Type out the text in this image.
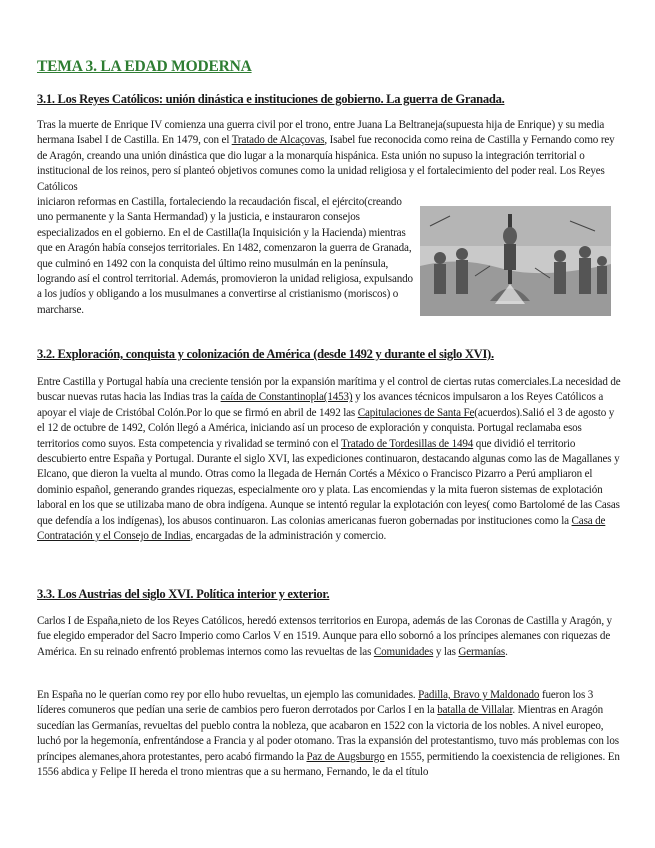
TEMA 3. LA EDAD MODERNA
3.1. Los Reyes Católicos: unión dinástica e instituciones de gobierno. La guerra de Granada.

Tras la muerte de Enrique IV comienza una guerra civil por el trono, entre Juana La Beltraneja(supuesta hija de Enrique) y su media hermana Isabel I de Castilla. En 1479, con el Tratado de Alcaçovas, Isabel fue reconocida como reina de Castilla y Fernando como rey de Aragón, creando una unión dinástica que dio lugar a la monarquía hispánica. Esta unión no supuso la integración territorial o institucional de los reinos, pero sí planteó objetivos comunes como la unidad religiosa y el fortalecimiento del poder real. Los Reyes Católicos

iniciaron reformas en Castilla, fortaleciendo la recaudación fiscal, el ejército(creando uno permanente y la Santa Hermandad) y la justicia, e instauraron consejos especializados en el gobierno. En el de Castilla(la Inquisición y la Hacienda) mientras que en Aragón había consejos territoriales. En 1482, comenzaron la guerra de Granada, que culminó en 1492 con la conquista del último reino musulmán en la península, logrando así el control territorial. Además, promovieron la unidad religiosa, expulsando a los judíos y obligando a los musulmanes a convertirse al cristianismo (moriscos) o marcharse.

3.2. Exploración, conquista y colonización de América (desde 1492 y durante el siglo XVI).

Entre Castilla y Portugal había una creciente tensión por la expansión marítima y el control de ciertas rutas comerciales.La necesidad de buscar nuevas rutas hacia las Indias tras la caída de Constantinopla(1453) y los avances técnicos impulsaron a los Reyes Católicos a apoyar el viaje de Cristóbal Colón.Por lo que se firmó en abril de 1492 las Capitulaciones de Santa Fe(acuerdos).Salió el 3 de agosto y el 12 de octubre de 1492, Colón llegó a América, iniciando así un proceso de exploración y conquista. Portugal reclamaba esos territorios como suyos. Esta competencia y rivalidad se terminó con el Tratado de Tordesillas de 1494 que dividió el territorio descubierto entre España y Portugal. Durante el siglo XVI, las expediciones continuaron, destacando algunas como las de Magallanes y Elcano, que dieron la vuelta al mundo. Otras como la llegada de Hernán Cortés a México o Francisco Pizarro a Perú ampliaron el dominio español, generando grandes riquezas, especialmente oro y plata. Las encomiendas y la mita fueron sistemas de explotación laboral en los que se utilizaba mano de obra indígena. Aunque se intentó regular la explotación con leyes( como Bartolomé de las Casas que defendía a los indígenas), los abusos continuaron. Las colonias americanas fueron gobernadas por instituciones como la Casa de Contratación y el Consejo de Indias, encargadas de la administración y comercio.

3.3. Los Austrias del siglo XVI. Política interior y exterior.

Carlos I de España,nieto de los Reyes Católicos, heredó extensos territorios en Europa, además de las Coronas de Castilla y Aragón, y fue elegido emperador del Sacro Imperio como Carlos V en 1519. Aunque para ello sobornó a los príncipes alemanes con riquezas de América. En su reinado enfrentó problemas internos como las revueltas de las Comunidades y las Germanías.

En España no le querían como rey por ello hubo revueltas, un ejemplo las comunidades. Padilla, Bravo y Maldonado fueron los 3 líderes comuneros que pedían una serie de cambios pero fueron derrotados por Carlos I en la batalla de Villalar. Mientras en Aragón sucedían las Germanías, revueltas del pueblo contra la nobleza, que acabaron en 1522 con la victoria de los nobles. A nivel europeo, luchó por la hegemonía, enfrentándose a Francia y al poder otomano. Tras la expansión del protestantismo, tuvo más problemas con los príncipes alemanes,ahora protestantes, pero acabó firmando la Paz de Augsburgo en 1555, permitiendo la coexistencia de religiones. En 1556 abdica y Felipe II hereda el trono mientras que a su hermano, Fernando, le da el título
